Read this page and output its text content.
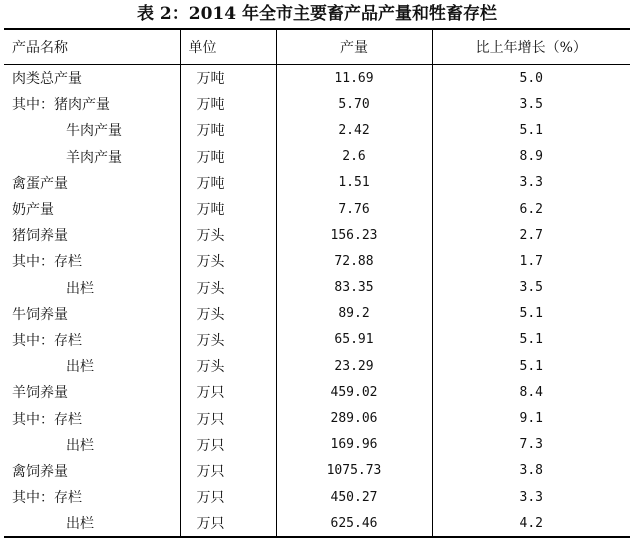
表 2：2014 年全市主要畜产品产量和牲畜存栏
产品名称	单位	产量	比上年增长（%）
肉类总产量	万吨	11.69	5.0
其中：猪肉产量	万吨	5.70	3.5
牛肉产量	万吨	2.42	5.1
羊肉产量	万吨	2.6	8.9
禽蛋产量	万吨	1.51	3.3
奶产量	万吨	7.76	6.2
猪饲养量	万头	156.23	2.7
其中：存栏	万头	72.88	1.7
出栏	万头	83.35	3.5
牛饲养量	万头	89.2	5.1
其中：存栏	万头	65.91	5.1
出栏	万头	23.29	5.1
羊饲养量	万只	459.02	8.4
其中：存栏	万只	289.06	9.1
出栏	万只	169.96	7.3
禽饲养量	万只	1075.73	3.8
其中：存栏	万只	450.27	3.3
出栏	万只	625.46	4.2
